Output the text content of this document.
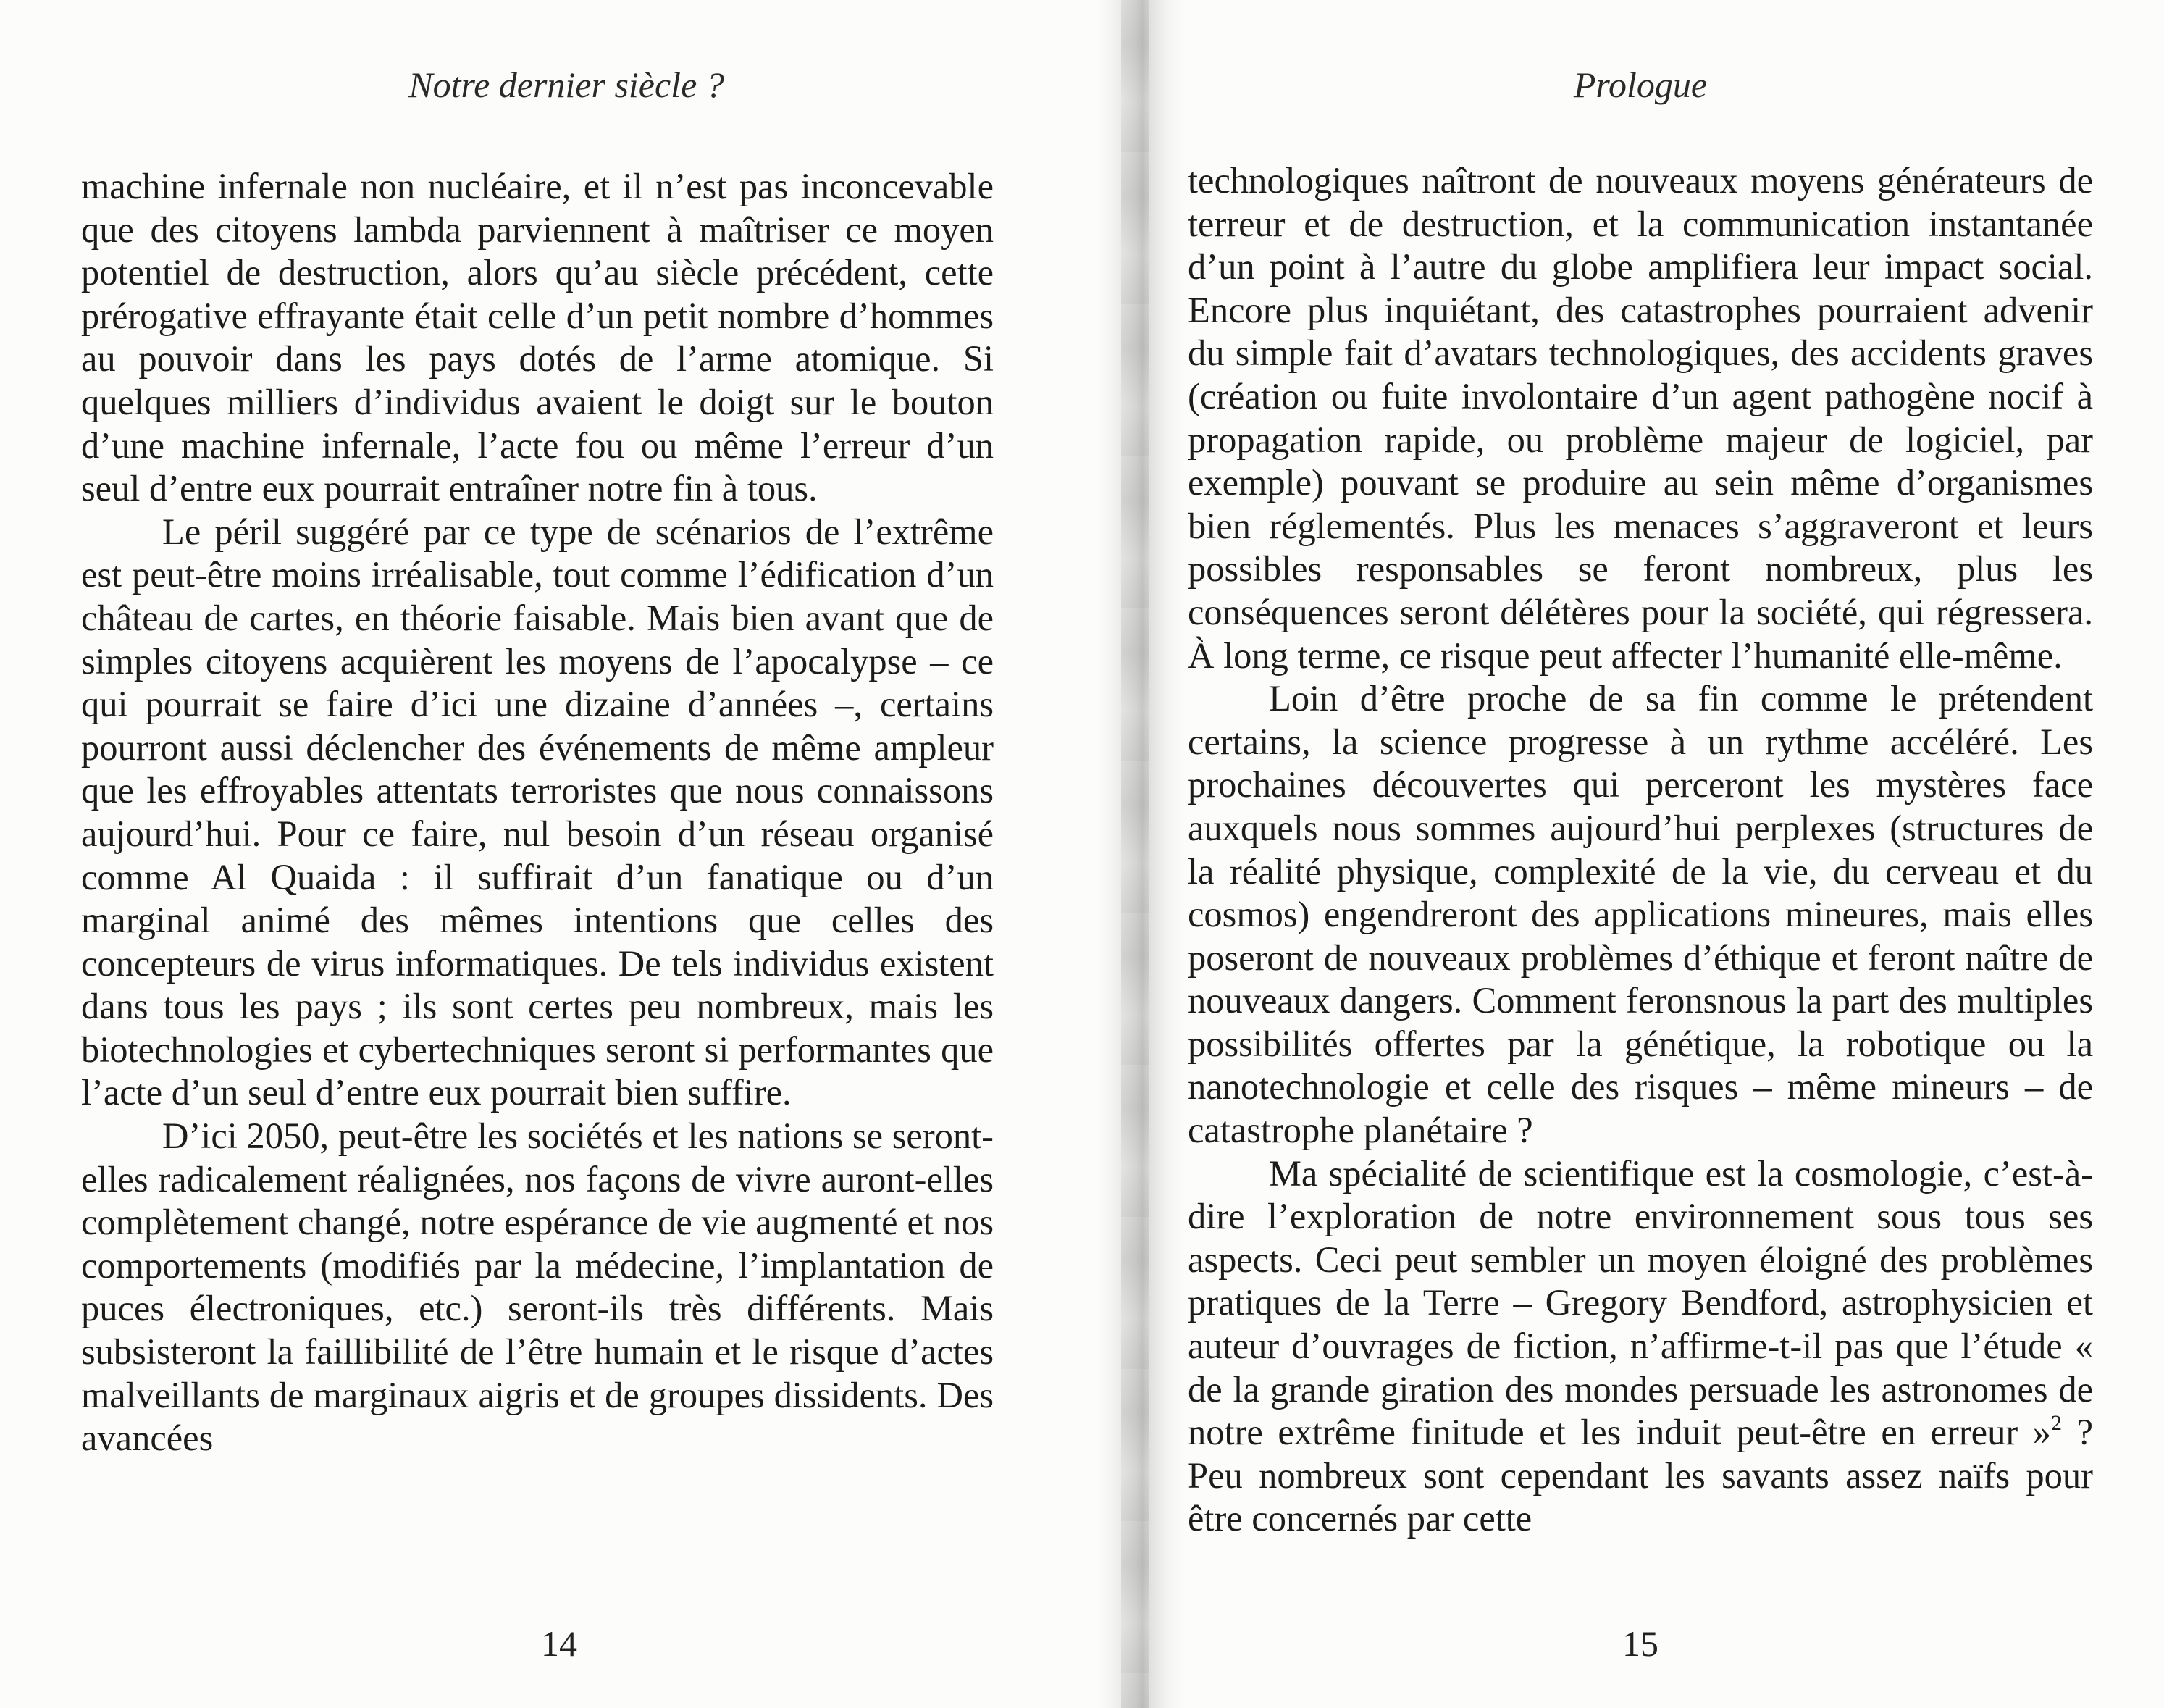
Notre dernier siècle ?

machine infernale non nucléaire, et il n’est pas inconcevable que des citoyens lambda parviennent à maîtriser ce moyen potentiel de destruction, alors qu’au siècle précédent, cette prérogative effrayante était celle d’un petit nombre d’hommes au pouvoir dans les pays dotés de l’arme atomique. Si quelques milliers d’individus avaient le doigt sur le bouton d’une machine infernale, l’acte fou ou même l’erreur d’un seul d’entre eux pourrait entraîner notre fin à tous.

Le péril suggéré par ce type de scénarios de l’extrême est peut-être moins irréalisable, tout comme l’édification d’un château de cartes, en théorie faisable. Mais bien avant que de simples citoyens acquièrent les moyens de l’apocalypse – ce qui pourrait se faire d’ici une dizaine d’années –, certains pourront aussi déclencher des événements de même ampleur que les effroyables attentats terroristes que nous connaissons aujourd’hui. Pour ce faire, nul besoin d’un réseau organisé comme Al Quaida : il suffirait d’un fanatique ou d’un marginal animé des mêmes intentions que celles des concepteurs de virus informatiques. De tels individus existent dans tous les pays ; ils sont certes peu nombreux, mais les biotechnologies et cybertechniques seront si performantes que l’acte d’un seul d’entre eux pourrait bien suffire.

D’ici 2050, peut-être les sociétés et les nations se seront-elles radicalement réalignées, nos façons de vivre auront-elles complètement changé, notre espérance de vie augmenté et nos comportements (modifiés par la médecine, l’implantation de puces électroniques, etc.) seront-ils très différents. Mais subsisteront la faillibilité de l’être humain et le risque d’actes malveillants de marginaux aigris et de groupes dissidents. Des avancées

14
Prologue

technologiques naîtront de nouveaux moyens générateurs de terreur et de destruction, et la communication instantanée d’un point à l’autre du globe amplifiera leur impact social. Encore plus inquiétant, des catastrophes pourraient advenir du simple fait d’avatars technologiques, des accidents graves (création ou fuite involontaire d’un agent pathogène nocif à propagation rapide, ou problème majeur de logiciel, par exemple) pouvant se produire au sein même d’organismes bien réglementés. Plus les menaces s’aggraveront et leurs possibles responsables se feront nombreux, plus les conséquences seront délétères pour la société, qui régressera. À long terme, ce risque peut affecter l’humanité elle-même.

Loin d’être proche de sa fin comme le prétendent certains, la science progresse à un rythme accéléré. Les prochaines découvertes qui perceront les mystères face auxquels nous sommes aujourd’hui perplexes (structures de la réalité physique, complexité de la vie, du cerveau et du cosmos) engendreront des applications mineures, mais elles poseront de nouveaux problèmes d’éthique et feront naître de nouveaux dangers. Comment feronsnous la part des multiples possibilités offertes par la génétique, la robotique ou la nanotechnologie et celle des risques – même mineurs – de catastrophe planétaire ?

Ma spécialité de scientifique est la cosmologie, c’est-à-dire l’exploration de notre environnement sous tous ses aspects. Ceci peut sembler un moyen éloigné des problèmes pratiques de la Terre – Gregory Bendford, astrophysicien et auteur d’ouvrages de fiction, n’affirme-t-il pas que l’étude « de la grande giration des mondes persuade les astronomes de notre extrême finitude et les induit peut-être en erreur »$^2$ ? Peu nombreux sont cependant les savants assez naïfs pour être concernés par cette

15
